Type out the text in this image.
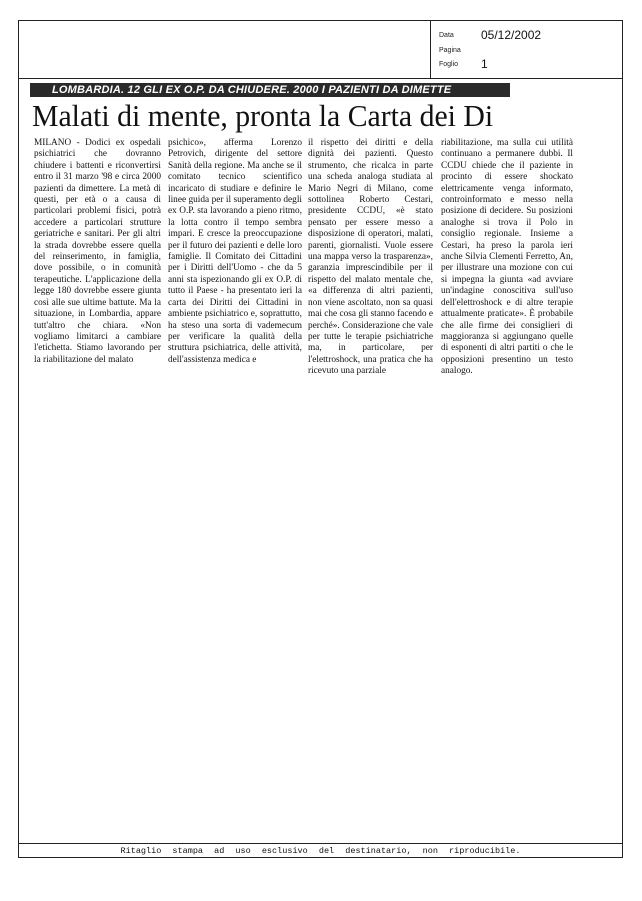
Data 05/12/2002
Pagina
Foglio 1
LOMBARDIA. 12 GLI EX O.P. DA CHIUDERE. 2000 I PAZIENTI DA DIMETTE
Malati di mente, pronta la Carta dei Di

MILANO - Dodici ex ospedali psichiatrici che dovranno chiudere i battenti e riconvertirsi entro il 31 marzo '98 e circa 2000 pazienti da dimettere. La metà di questi, per età o a causa di particolari problemi fisici, potrà accedere a particolari strutture geriatriche e sanitari. Per gli altri la strada dovrebbe essere quella del reinserimento, in famiglia, dove possibile, o in comunità terapeutiche. L'applicazione della legge 180 dovrebbe essere giunta così alle sue ultime battute. Ma la situazione, in Lombardia, appare tutt'altro che chiara. «Non vogliamo limitarci a cambiare l'etichetta. Stiamo lavorando per la riabilitazione del malato

psichico», afferma Lorenzo Petrovich, dirigente del settore Sanità della regione. Ma anche se il comitato tecnico scientifico incaricato di studiare e definire le linee guida per il superamento degli ex O.P. sta lavorando a pieno ritmo, la lotta contro il tempo sembra impari. E cresce la preoccupazione per il futuro dei pazienti e delle loro famiglie. Il Comitato dei Cittadini per i Diritti dell'Uomo - che da 5 anni sta ispezionando gli ex O.P. di tutto il Paese - ha presentato ieri la carta dei Diritti dei Cittadini in ambiente psichiatrico e, soprattutto, ha steso una sorta di vademecum per verificare la qualità della struttura psichiatrica, delle attività, dell'assistenza medica e

il rispetto dei diritti e della dignità dei pazienti. Questo strumento, che ricalca in parte una scheda analoga studiata al Mario Negri di Milano, come sottolinea Roberto Cestari, presidente CCDU, «è stato pensato per essere messo a disposizione di operatori, malati, parenti, giornalisti. Vuole essere una mappa verso la trasparenza», garanzia imprescindibile per il rispetto del malato mentale che, «a differenza di altri pazienti, non viene ascoltato, non sa quasi mai che cosa gli stanno facendo e perché». Considerazione che vale per tutte le terapie psichiatriche ma, in particolare, per l'elettroshock, una pratica che ha ricevuto una parziale

riabilitazione, ma sulla cui utilità continuano a permanere dubbi. Il CCDU chiede che il paziente in procinto di essere shockato elettricamente venga informato, controinformato e messo nella posizione di decidere. Su posizioni analoghe si trova il Polo in consiglio regionale. Insieme a Cestari, ha preso la parola ieri anche Silvia Clementi Ferretto, An, per illustrare una mozione con cui si impegna la giunta «ad avviare un'indagine conoscitiva sull'uso dell'elettroshock e di altre terapie attualmente praticate». È probabile che alle firme dei consiglieri di maggioranza si aggiungano quelle di esponenti di altri partiti o che le opposizioni presentino un testo analogo.

Ritaglio stampa ad uso esclusivo del destinatario, non riproducibile.
